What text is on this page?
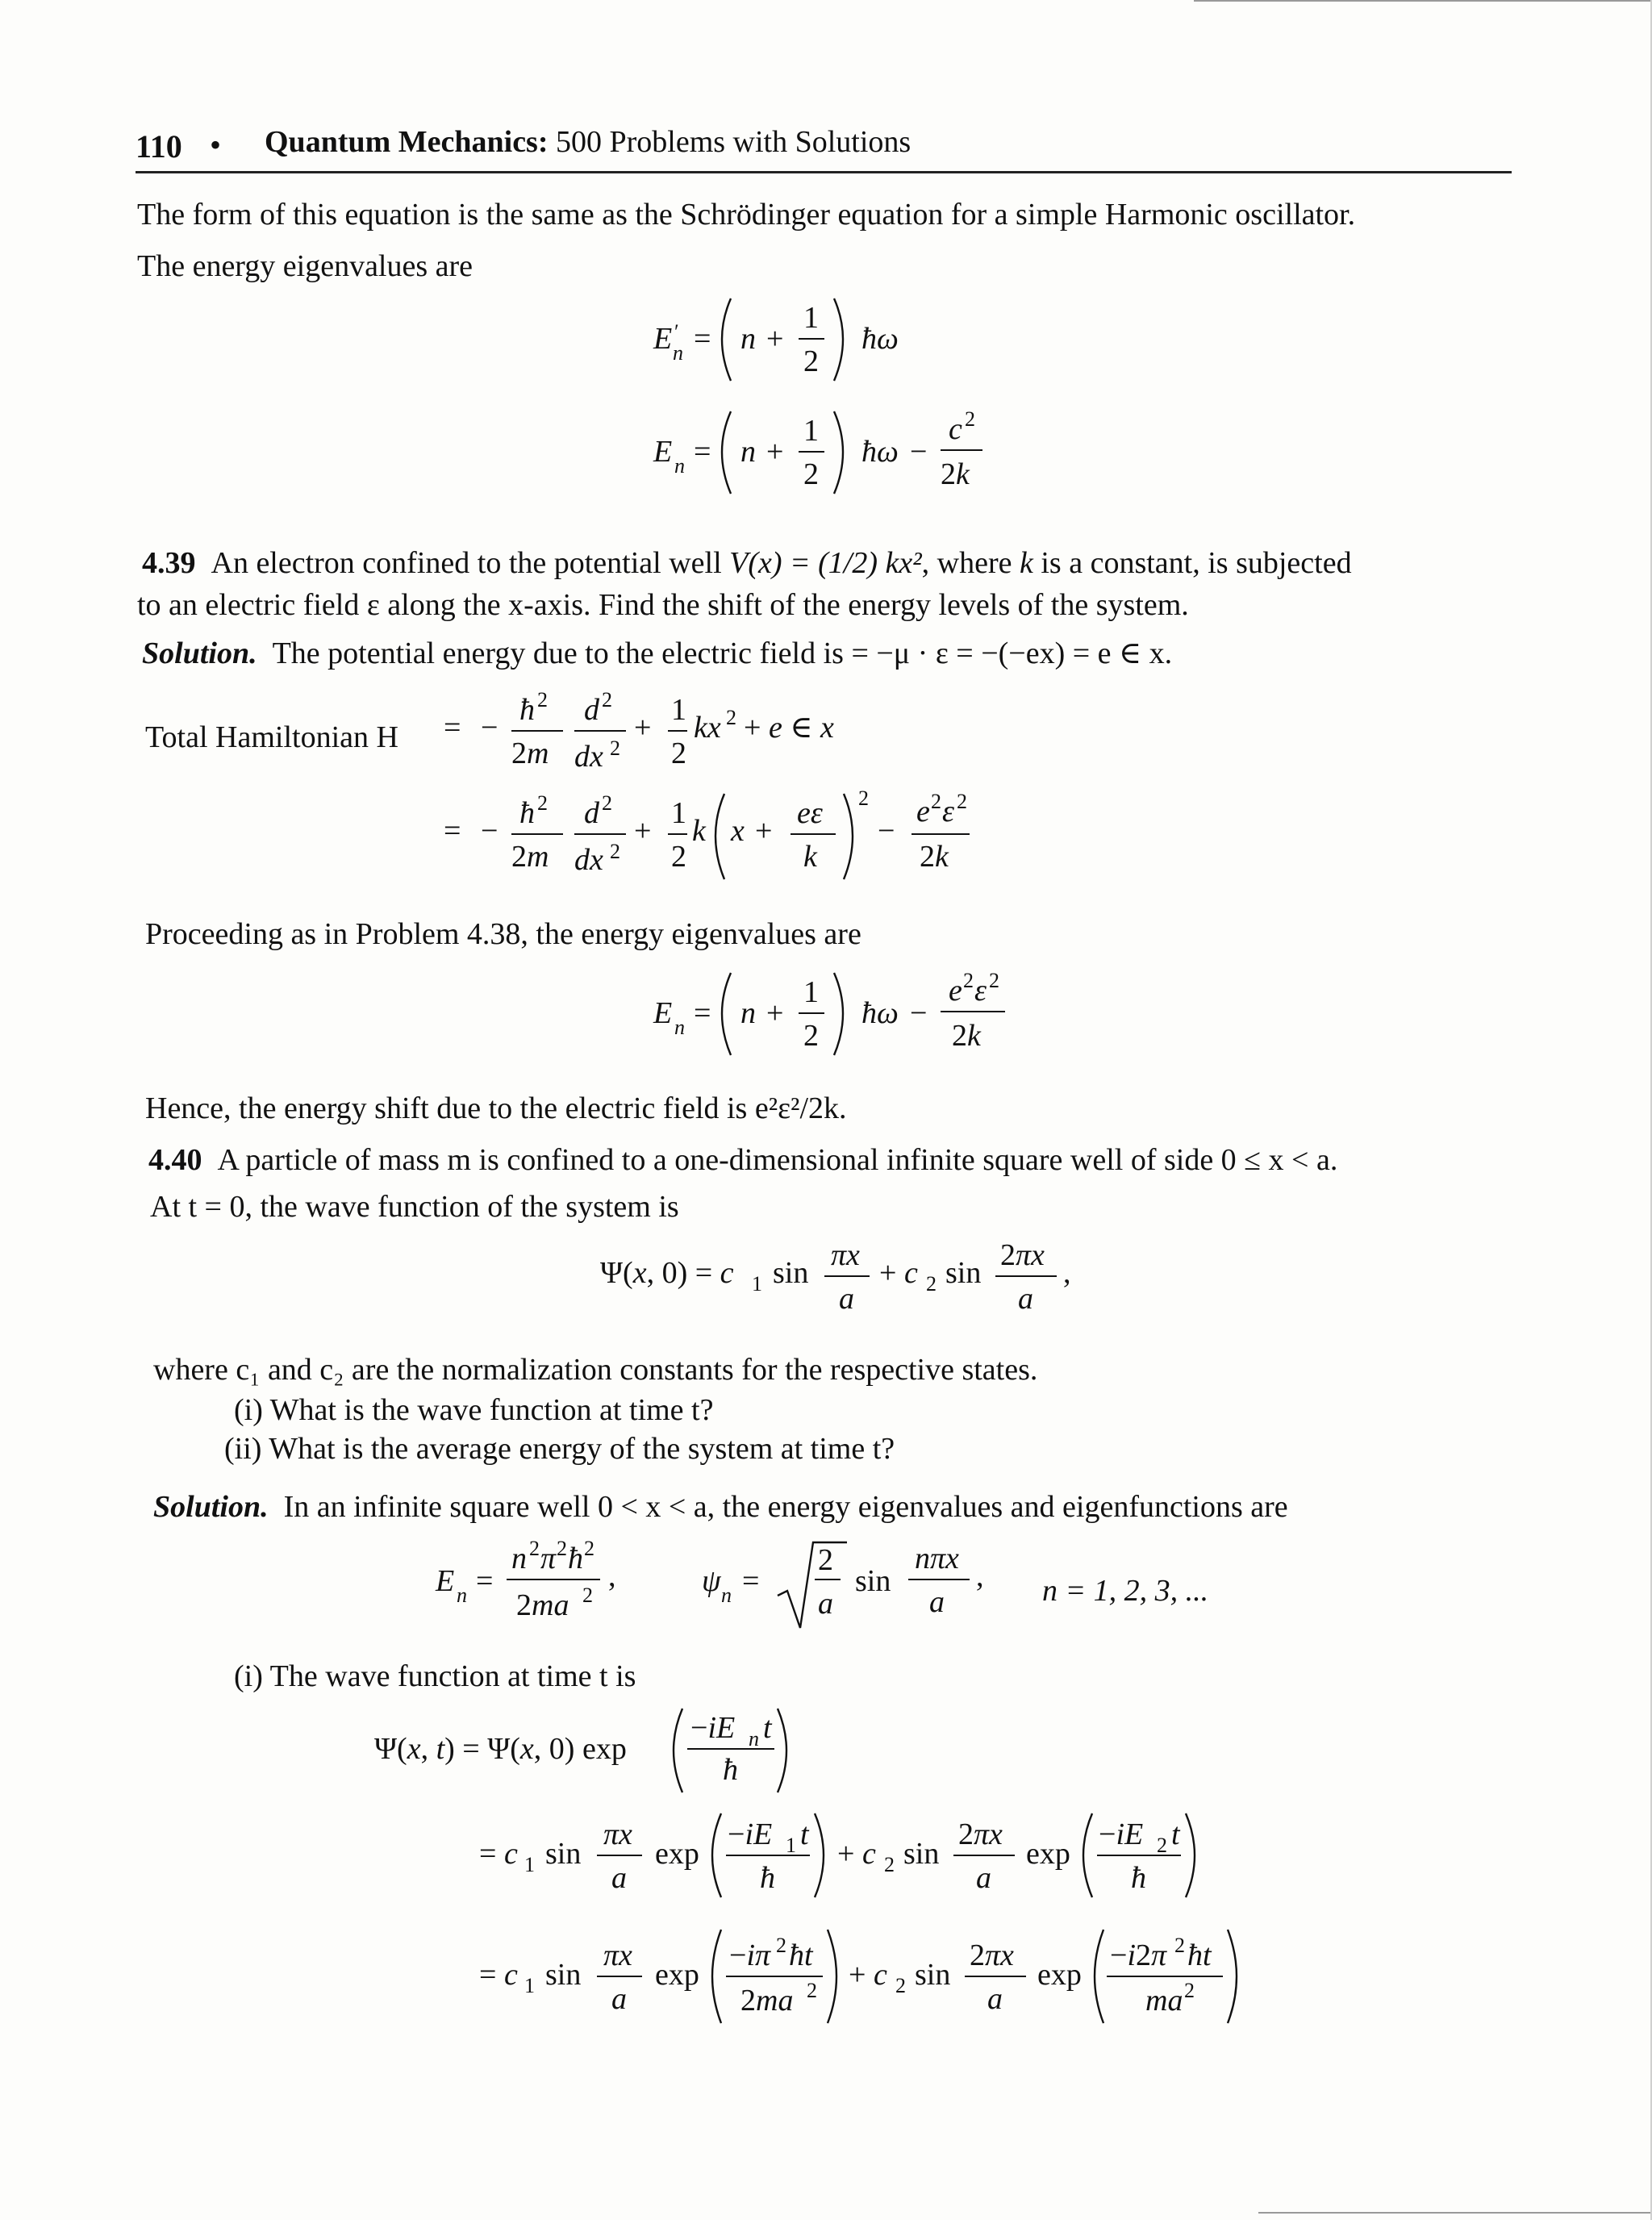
110 • Quantum Mechanics: 500 Problems with Solutions
The form of this equation is the same as the Schrödinger equation for a simple Harmonic oscillator.
The energy eigenvalues are
E ′
n = n +
1
2
ħω
E n = n +
1
2
ħω −
c 2
2k
4.39 An electron confined to the potential well V(x) = (1/2) kx², where k is a constant, is subjected
to an electric field ε along the x-axis. Find the shift of the energy levels of the system.
Solution. The potential energy due to the electric field is = −μ · ε = −(−ex) = e ∈ x.
Total Hamiltonian H = −
ħ 2
2m
d 2
dx 2
+
1
2
kx 2 + e ∈ x
= −
ħ 2
2m
d 2
dx 2
+
1
2
k x +
eε
k
2
−
e 2 ε 2
2k
Proceeding as in Problem 4.38, the energy eigenvalues are
E n = n +
1
2
ħω −
e 2 ε 2
2k
Hence, the energy shift due to the electric field is e²ε²/2k.
4.40 A particle of mass m is confined to a one-dimensional infinite square well of side 0 ≤ x < a.
At t = 0, the wave function of the system is
Ψ(x, 0) = c 1 sin
πx
a
+ c 2 sin
2πx
a
,
where c₁ and c₂ are the normalization constants for the respective states.
(i) What is the wave function at time t?
(ii) What is the average energy of the system at time t?
Solution. In an infinite square well 0 < x < a, the energy eigenvalues and eigenfunctions are
E n =
n 2 π 2 ħ 2
2ma 2
,	ψ n =
2
a
sin
nπx
a
, n = 1, 2, 3, ...
(i) The wave function at time t is
Ψ(x, t) = Ψ(x, 0) exp
−iE n t
ħ
= c 1 sin
πx
a
exp
−iE 1 t
ħ
+ c 2 sin
2πx
a
exp
−iE 2 t
ħ
= c 1 sin
πx
a
exp
−iπ 2 ħt
2ma 2 + c 2 sin
2πx
a
exp
−i2π 2 ħt
ma 2
